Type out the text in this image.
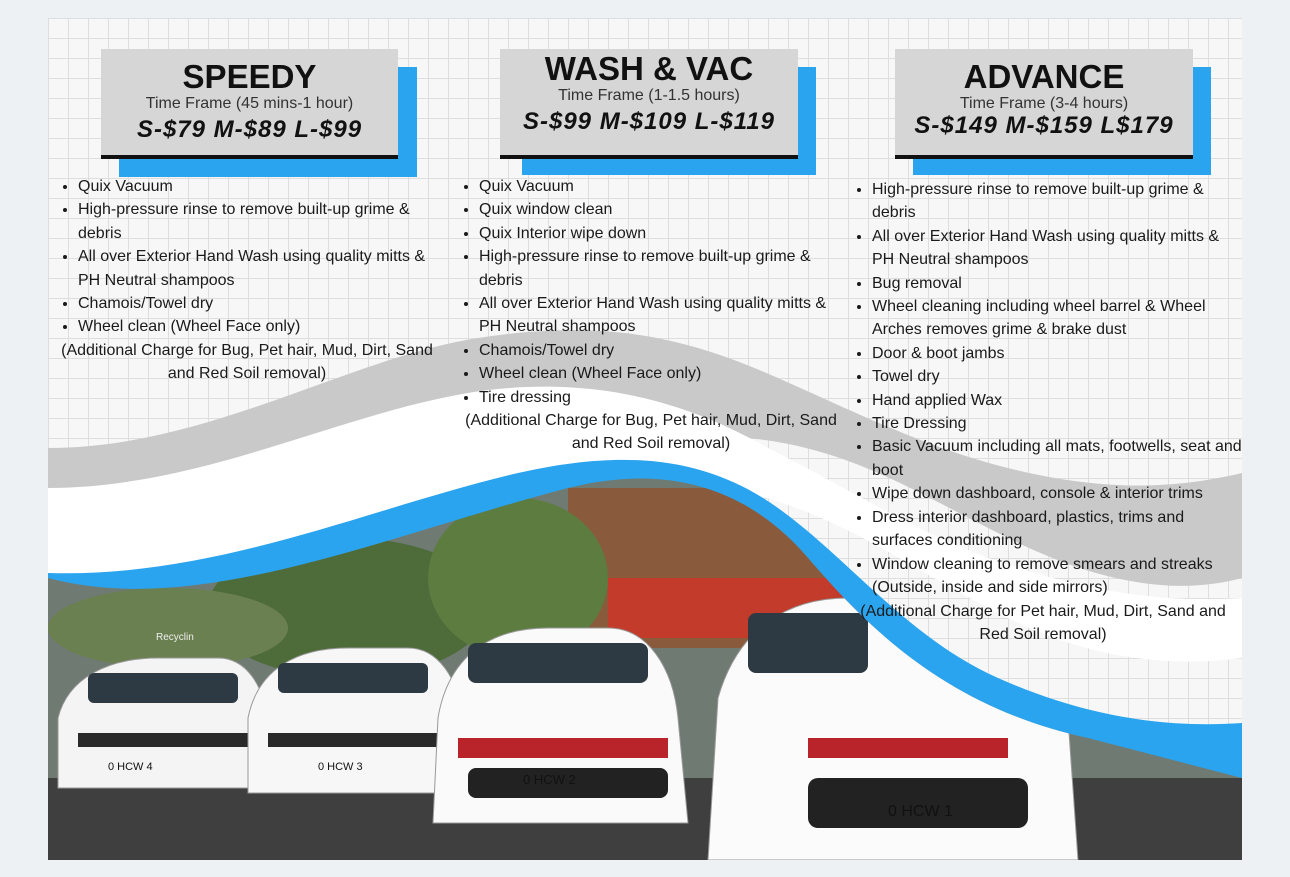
0 HCW 4	0 HCW 3
0 HCW 2
0 HCW 1
Recyclin
SPEEDY
Time Frame (45 mins-1 hour)
S-$79 M-$89 L-$99
WASH & VAC
Time Frame (1-1.5 hours)
S-$99 M-$109 L-$119
ADVANCE
Time Frame (3-4 hours)
S-$149 M-$159 L$179
• Quix Vacuum
• High-pressure rinse to remove built-up grime & debris
• All over Exterior Hand Wash using quality mitts & PH Neutral shampoos
• Chamois/Towel dry
• Wheel clean (Wheel Face only)
(Additional Charge for Bug, Pet hair, Mud, Dirt, Sand and Red Soil removal)
• Quix Vacuum
• Quix window clean
• Quix Interior wipe down
• High-pressure rinse to remove built-up grime & debris
• All over Exterior Hand Wash using quality mitts & PH Neutral shampoos
• Chamois/Towel dry
• Wheel clean (Wheel Face only)
• Tire dressing
(Additional Charge for Bug, Pet hair, Mud, Dirt, Sand and Red Soil removal)
• High-pressure rinse to remove built-up grime & debris
• All over Exterior Hand Wash using quality mitts & PH Neutral shampoos
• Bug removal
• Wheel cleaning including wheel barrel & Wheel Arches removes grime & brake dust
• Door & boot jambs
• Towel dry
• Hand applied Wax
• Tire Dressing
• Basic Vacuum including all mats, footwells, seat and boot
• Wipe down dashboard, console & interior trims
• Dress interior dashboard, plastics, trims and surfaces conditioning
• Window cleaning to remove smears and streaks (Outside, inside and side mirrors)
(Additional Charge for Pet hair, Mud, Dirt, Sand and Red Soil removal)
